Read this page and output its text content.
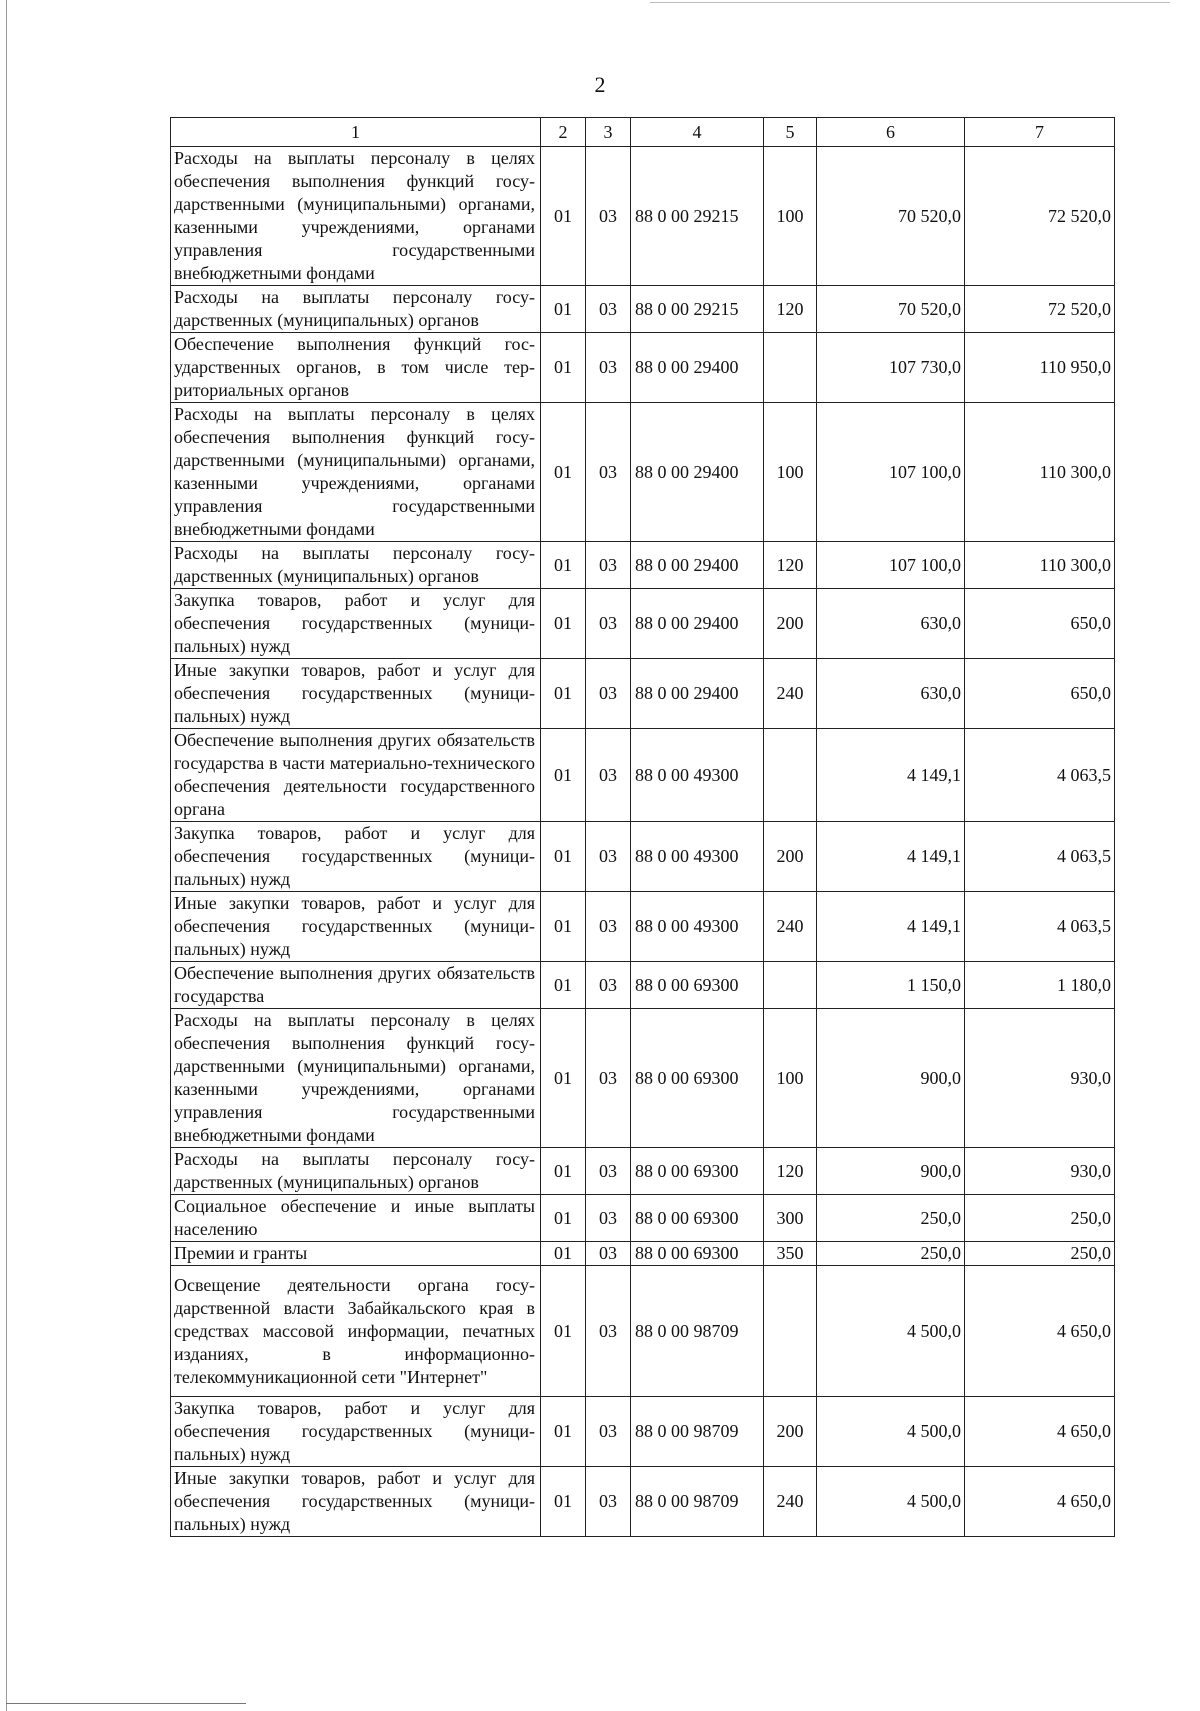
2
1	2	3	4	5	6	7
Расходы на выплаты персоналу в целях обеспечения выполнения функций государственными (муниципальными) органами, казенными учреждениями, органами управления государственными внебюджетными фондами	01	03	88 0 00 29215	100	70 520,0	72 520,0
Расходы на выплаты персоналу государственных (муниципальных) органов	01	03	88 0 00 29215	120	70 520,0	72 520,0
Обеспечение выполнения функций государственных органов, в том числе территориальных органов	01	03	88 0 00 29400		107 730,0	110 950,0
Расходы на выплаты персоналу в целях обеспечения выполнения функций государственными (муниципальными) органами, казенными учреждениями, органами управления государственными внебюджетными фондами	01	03	88 0 00 29400	100	107 100,0	110 300,0
Расходы на выплаты персоналу государственных (муниципальных) органов	01	03	88 0 00 29400	120	107 100,0	110 300,0
Закупка товаров, работ и услуг для обеспечения государственных (муниципальных) нужд	01	03	88 0 00 29400	200	630,0	650,0
Иные закупки товаров, работ и услуг для обеспечения государственных (муниципальных) нужд	01	03	88 0 00 29400	240	630,0	650,0
Обеспечение выполнения других обязательств государства в части материально-технического обеспечения деятельности государственного органа	01	03	88 0 00 49300		4 149,1	4 063,5
Закупка товаров, работ и услуг для обеспечения государственных (муниципальных) нужд	01	03	88 0 00 49300	200	4 149,1	4 063,5
Иные закупки товаров, работ и услуг для обеспечения государственных (муниципальных) нужд	01	03	88 0 00 49300	240	4 149,1	4 063,5
Обеспечение выполнения других обязательств государства	01	03	88 0 00 69300		1 150,0	1 180,0
Расходы на выплаты персоналу в целях обеспечения выполнения функций государственными (муниципальными) органами, казенными учреждениями, органами управления государственными внебюджетными фондами	01	03	88 0 00 69300	100	900,0	930,0
Расходы на выплаты персоналу государственных (муниципальных) органов	01	03	88 0 00 69300	120	900,0	930,0
Социальное обеспечение и иные выплаты населению	01	03	88 0 00 69300	300	250,0	250,0
Премии и гранты	01	03	88 0 00 69300	350	250,0	250,0
Освещение деятельности органа государственной власти Забайкальского края в средствах массовой информации, печатных изданиях, в информационно-телекоммуникационной сети "Интернет"	01	03	88 0 00 98709		4 500,0	4 650,0
Закупка товаров, работ и услуг для обеспечения государственных (муниципальных) нужд	01	03	88 0 00 98709	200	4 500,0	4 650,0
Иные закупки товаров, работ и услуг для обеспечения государственных (муниципальных) нужд	01	03	88 0 00 98709	240	4 500,0	4 650,0
